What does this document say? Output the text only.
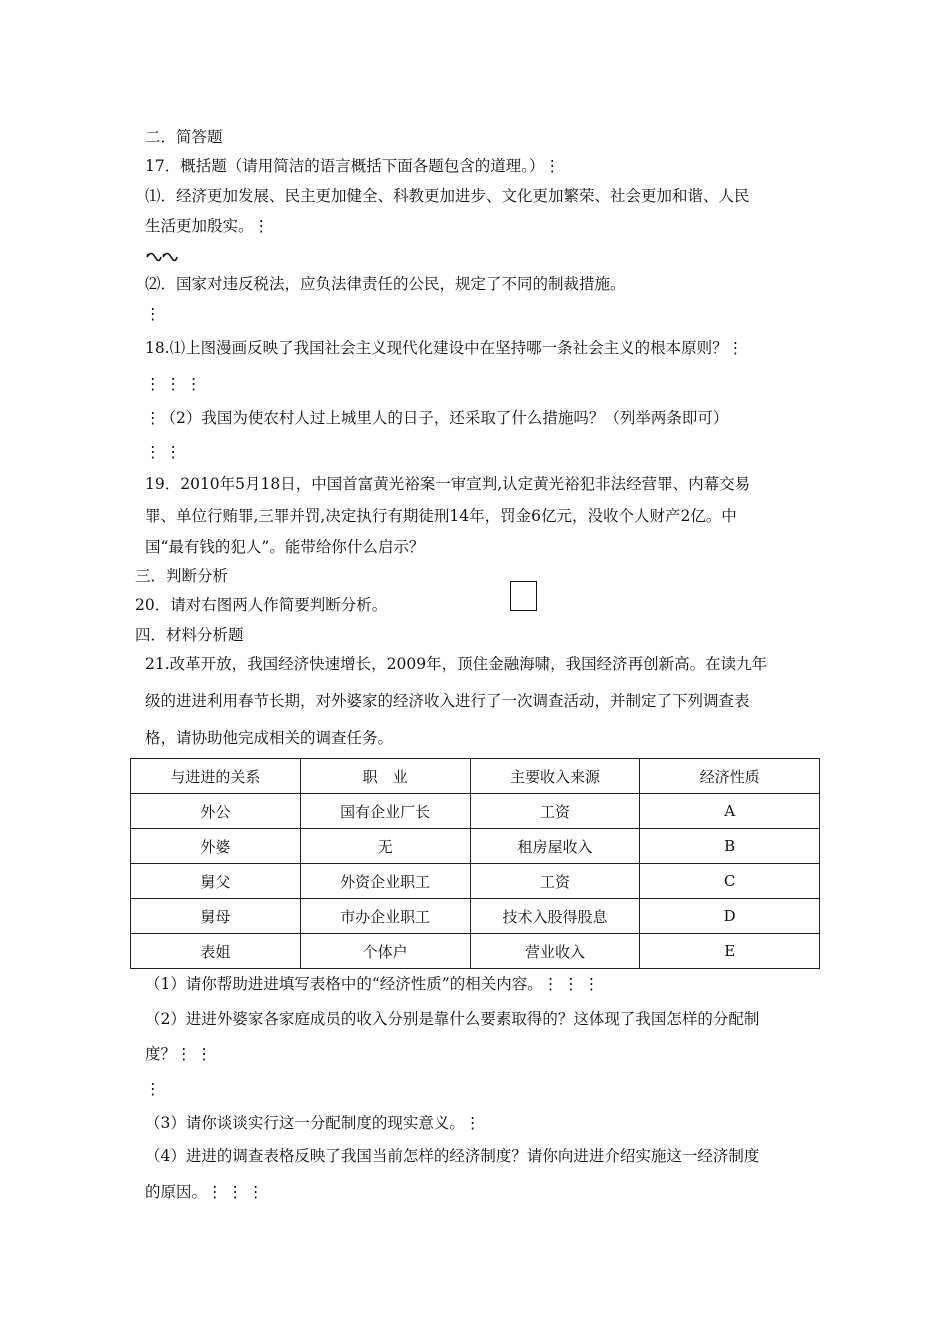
二．简答题
17．概括题（请用简洁的语言概括下面各题包含的道理。）⋮
⑴．经济更加发展、民主更加健全、科教更加进步、文化更加繁荣、社会更加和谐、人民
生活更加殷实。⋮
⑵．国家对违反税法，应负法律责任的公民，规定了不同的制裁措施。
⋮
18.⑴上图漫画反映了我国社会主义现代化建设中在坚持哪一条社会主义的根本原则？⋮
⋮ ⋮ ⋮
⋮（2）我国为使农村人过上城里人的日子，还采取了什么措施吗？（列举两条即可）
⋮ ⋮
19．2010年5月18日，中国首富黄光裕案一审宣判,认定黄光裕犯非法经营罪、内幕交易
罪、单位行贿罪,三罪并罚,决定执行有期徒刑14年，罚金6亿元，没收个人财产2亿。中
国“最有钱的犯人”。能带给你什么启示？
三．判断分析
20．请对右图两人作简要判断分析。
四．材料分析题
21.改革开放，我国经济快速增长，2009年，顶住金融海啸，我国经济再创新高。在读九年
级的进进利用春节长期，对外婆家的经济收入进行了一次调查活动，并制定了下列调查表
格，请协助他完成相关的调查任务。
与进进的关系	职　业	主要收入来源	经济性质
外公	国有企业厂长	工资	A
外婆	无	租房屋收入	B
舅父	外资企业职工	工资	C
舅母	市办企业职工	技术入股得股息	D
表姐	个体户	营业收入	E
（1）请你帮助进进填写表格中的“经济性质”的相关内容。⋮ ⋮ ⋮
（2）进进外婆家各家庭成员的收入分别是靠什么要素取得的？这体现了我国怎样的分配制
度？⋮ ⋮
⋮
（3）请你谈谈实行这一分配制度的现实意义。⋮
（4）进进的调查表格反映了我国当前怎样的经济制度？请你向进进介绍实施这一经济制度
的原因。⋮ ⋮ ⋮
